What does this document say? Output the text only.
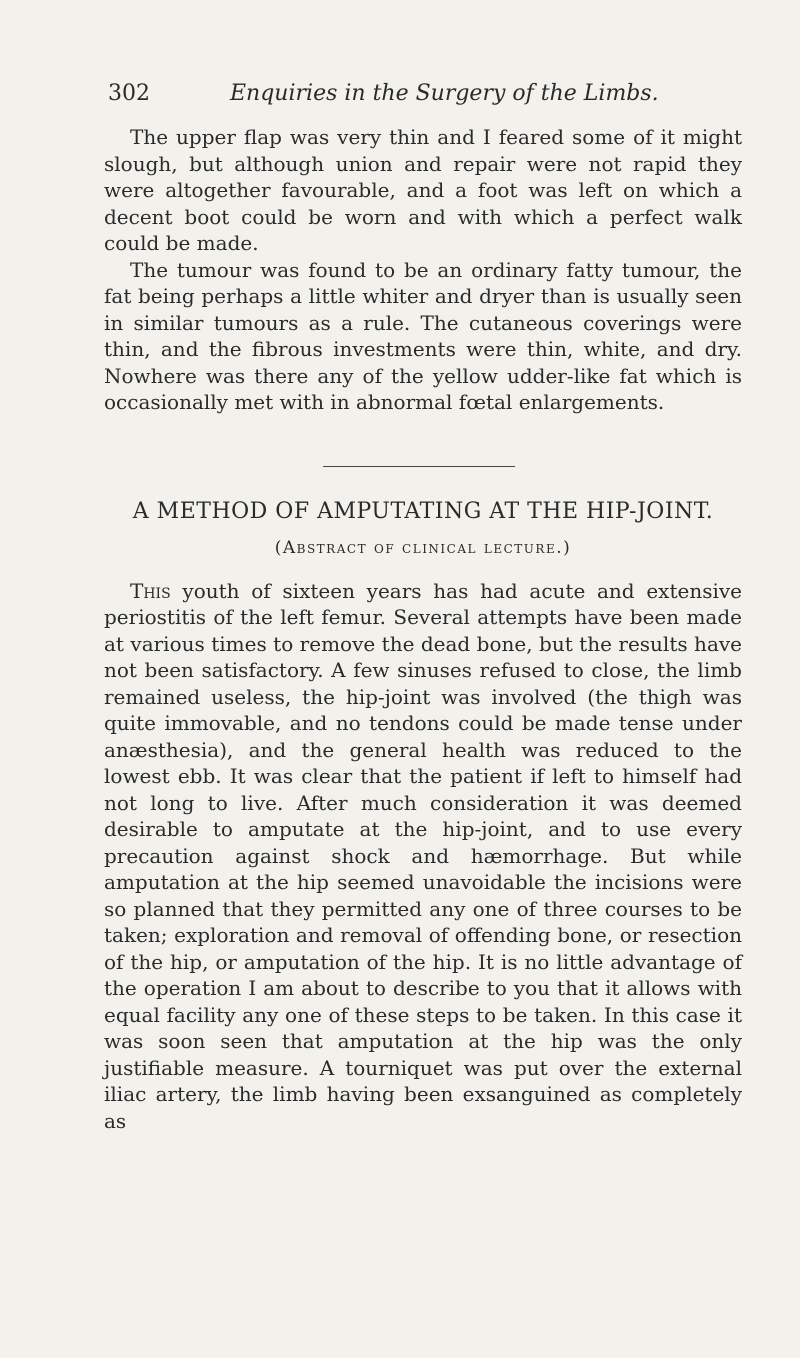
302	Enquiries in the Surgery of the Limbs.

The upper flap was very thin and I feared some of it might slough, but although union and repair were not rapid they were altogether favourable, and a foot was left on which a decent boot could be worn and with which a perfect walk could be made.

The tumour was found to be an ordinary fatty tumour, the fat being perhaps a little whiter and dryer than is usually seen in similar tumours as a rule. The cutaneous coverings were thin, and the fibrous investments were thin, white, and dry. Nowhere was there any of the yellow udder-like fat which is occasionally met with in abnormal fœtal enlargements.

A METHOD OF AMPUTATING AT THE HIP-JOINT.
(Abstract of clinical lecture.)

This youth of sixteen years has had acute and extensive periostitis of the left femur. Several attempts have been made at various times to remove the dead bone, but the results have not been satisfactory. A few sinuses refused to close, the limb remained useless, the hip-joint was involved (the thigh was quite immovable, and no tendons could be made tense under anæsthesia), and the general health was reduced to the lowest ebb. It was clear that the patient if left to himself had not long to live. After much consideration it was deemed desirable to amputate at the hip-joint, and to use every precaution against shock and hæmorrhage. But while amputation at the hip seemed unavoidable the incisions were so planned that they permitted any one of three courses to be taken; exploration and removal of offending bone, or resection of the hip, or amputation of the hip. It is no little advantage of the operation I am about to describe to you that it allows with equal facility any one of these steps to be taken. In this case it was soon seen that amputation at the hip was the only justifiable measure. A tourniquet was put over the external iliac artery, the limb having been exsanguined as completely as
